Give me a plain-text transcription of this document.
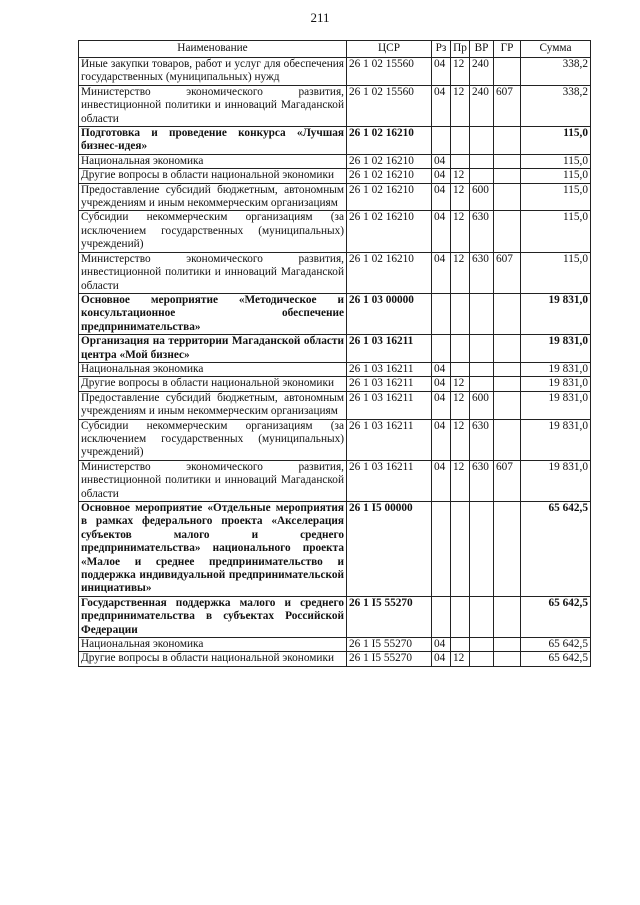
211
Наименование	ЦСР	Рз	Пр	ВР	ГР	Сумма
Иные закупки товаров, работ и услуг для обеспечения государственных (муниципальных) нужд	26 1 02 15560	04	12	240		338,2
Министерство экономического развития, инвестиционной политики и инноваций Магаданской области	26 1 02 15560	04	12	240	607	338,2
Подготовка и проведение конкурса «Лучшая бизнес-идея»	26 1 02 16210					115,0
Национальная экономика	26 1 02 16210	04				115,0
Другие вопросы в области национальной экономики	26 1 02 16210	04	12			115,0
Предоставление субсидий бюджетным, автономным учреждениям и иным некоммерческим организациям	26 1 02 16210	04	12	600		115,0
Субсидии некоммерческим организациям (за исключением государственных (муниципальных) учреждений)	26 1 02 16210	04	12	630		115,0
Министерство экономического развития, инвестиционной политики и инноваций Магаданской области	26 1 02 16210	04	12	630	607	115,0
Основное мероприятие «Методическое и консультационное обеспечение предпринимательства»	26 1 03 00000					19 831,0
Организация на территории Магаданской области центра «Мой бизнес»	26 1 03 16211					19 831,0
Национальная экономика	26 1 03 16211	04				19 831,0
Другие вопросы в области национальной экономики	26 1 03 16211	04	12			19 831,0
Предоставление субсидий бюджетным, автономным учреждениям и иным некоммерческим организациям	26 1 03 16211	04	12	600		19 831,0
Субсидии некоммерческим организациям (за исключением государственных (муниципальных) учреждений)	26 1 03 16211	04	12	630		19 831,0
Министерство экономического развития, инвестиционной политики и инноваций Магаданской области	26 1 03 16211	04	12	630	607	19 831,0
Основное мероприятие «Отдельные мероприятия в рамках федерального проекта «Акселерация субъектов малого и среднего предпринимательства» национального проекта «Малое и среднее предпринимательство и поддержка индивидуальной предпринимательской инициативы»	26 1 I5 00000					65 642,5
Государственная поддержка малого и среднего предпринимательства в субъектах Российской Федерации	26 1 I5 55270					65 642,5
Национальная экономика	26 1 I5 55270	04				65 642,5
Другие вопросы в области национальной экономики	26 1 I5 55270	04	12			65 642,5
